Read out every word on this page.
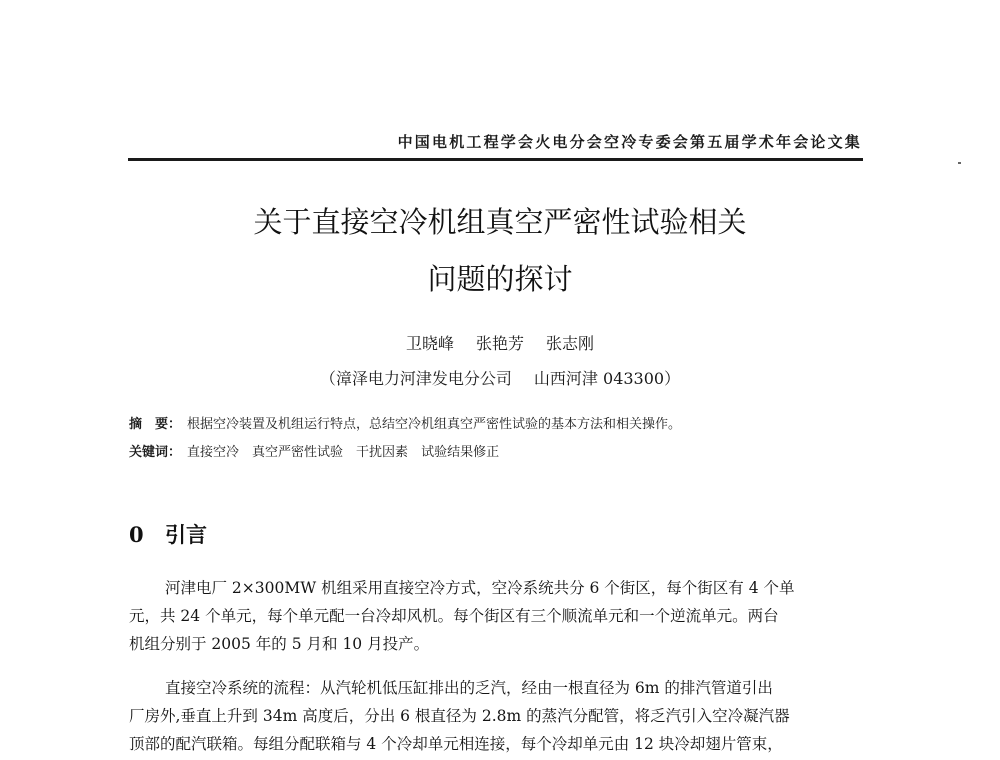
中国电机工程学会火电分会空冷专委会第五届学术年会论文集
关于直接空冷机组真空严密性试验相关
问题的探讨
卫晓峰 张艳芳 张志刚
（漳泽电力河津发电分公司 山西河津 043300）
摘　要： 根据空冷装置及机组运行特点，总结空冷机组真空严密性试验的基本方法和相关操作。
关键词： 直接空冷 真空严密性试验 干扰因素 试验结果修正
0 引言
河津电厂 2×300MW 机组采用直接空冷方式，空冷系统共分 6 个街区，每个街区有 4 个单
元，共 24 个单元，每个单元配一台冷却风机。每个街区有三个顺流单元和一个逆流单元。两台
机组分别于 2005 年的 5 月和 10 月投产。
直接空冷系统的流程：从汽轮机低压缸排出的乏汽，经由一根直径为 6m 的排汽管道引出
厂房外,垂直上升到 34m 高度后，分出 6 根直径为 2.8m 的蒸汽分配管，将乏汽引入空冷凝汽器
顶部的配汽联箱。每组分配联箱与 4 个冷却单元相连接，每个冷却单元由 12 块冷却翅片管束，
